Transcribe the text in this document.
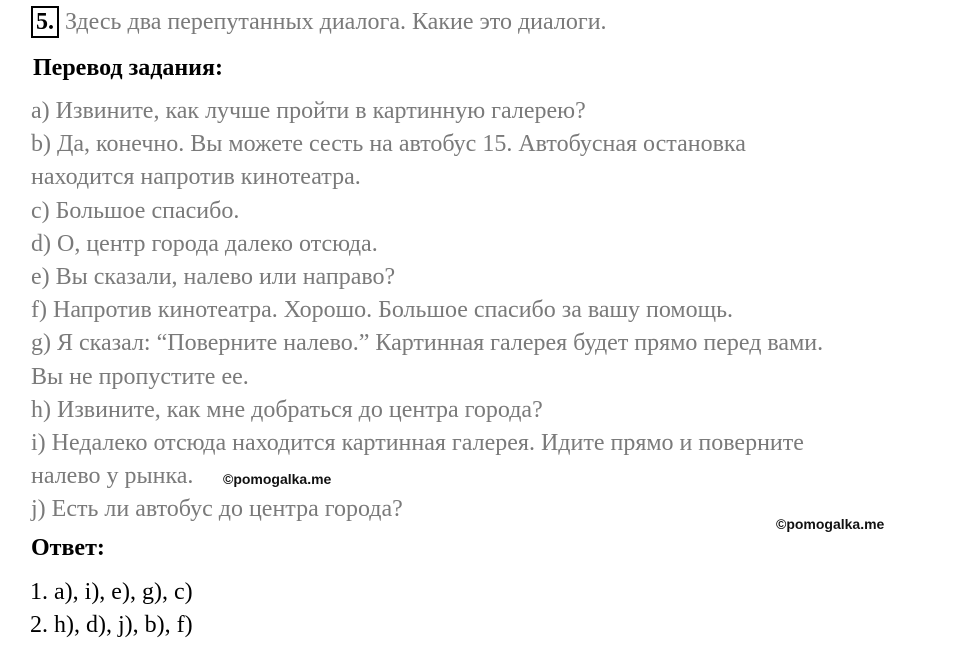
5. Здесь два перепутанных диалога. Какие это диалоги.
Перевод задания:
a) Извините, как лучше пройти в картинную галерею?
b) Да, конечно. Вы можете сесть на автобус 15. Автобусная остановка
находится напротив кинотеатра.
c) Большое спасибо.
d) О, центр города далеко отсюда.
e) Вы сказали, налево или направо?
f) Напротив кинотеатра. Хорошо. Большое спасибо за вашу помощь.
g) Я сказал: “Поверните налево.” Картинная галерея будет прямо перед вами.
Вы не пропустите ее.
h) Извините, как мне добраться до центра города?
i) Недалеко отсюда находится картинная галерея. Идите прямо и поверните
налево у рынка.
j) Есть ли автобус до центра города?
©pomogalka.me
©pomogalka.me
Ответ:
1. a), i), e), g), c)
2. h), d), j), b), f)
